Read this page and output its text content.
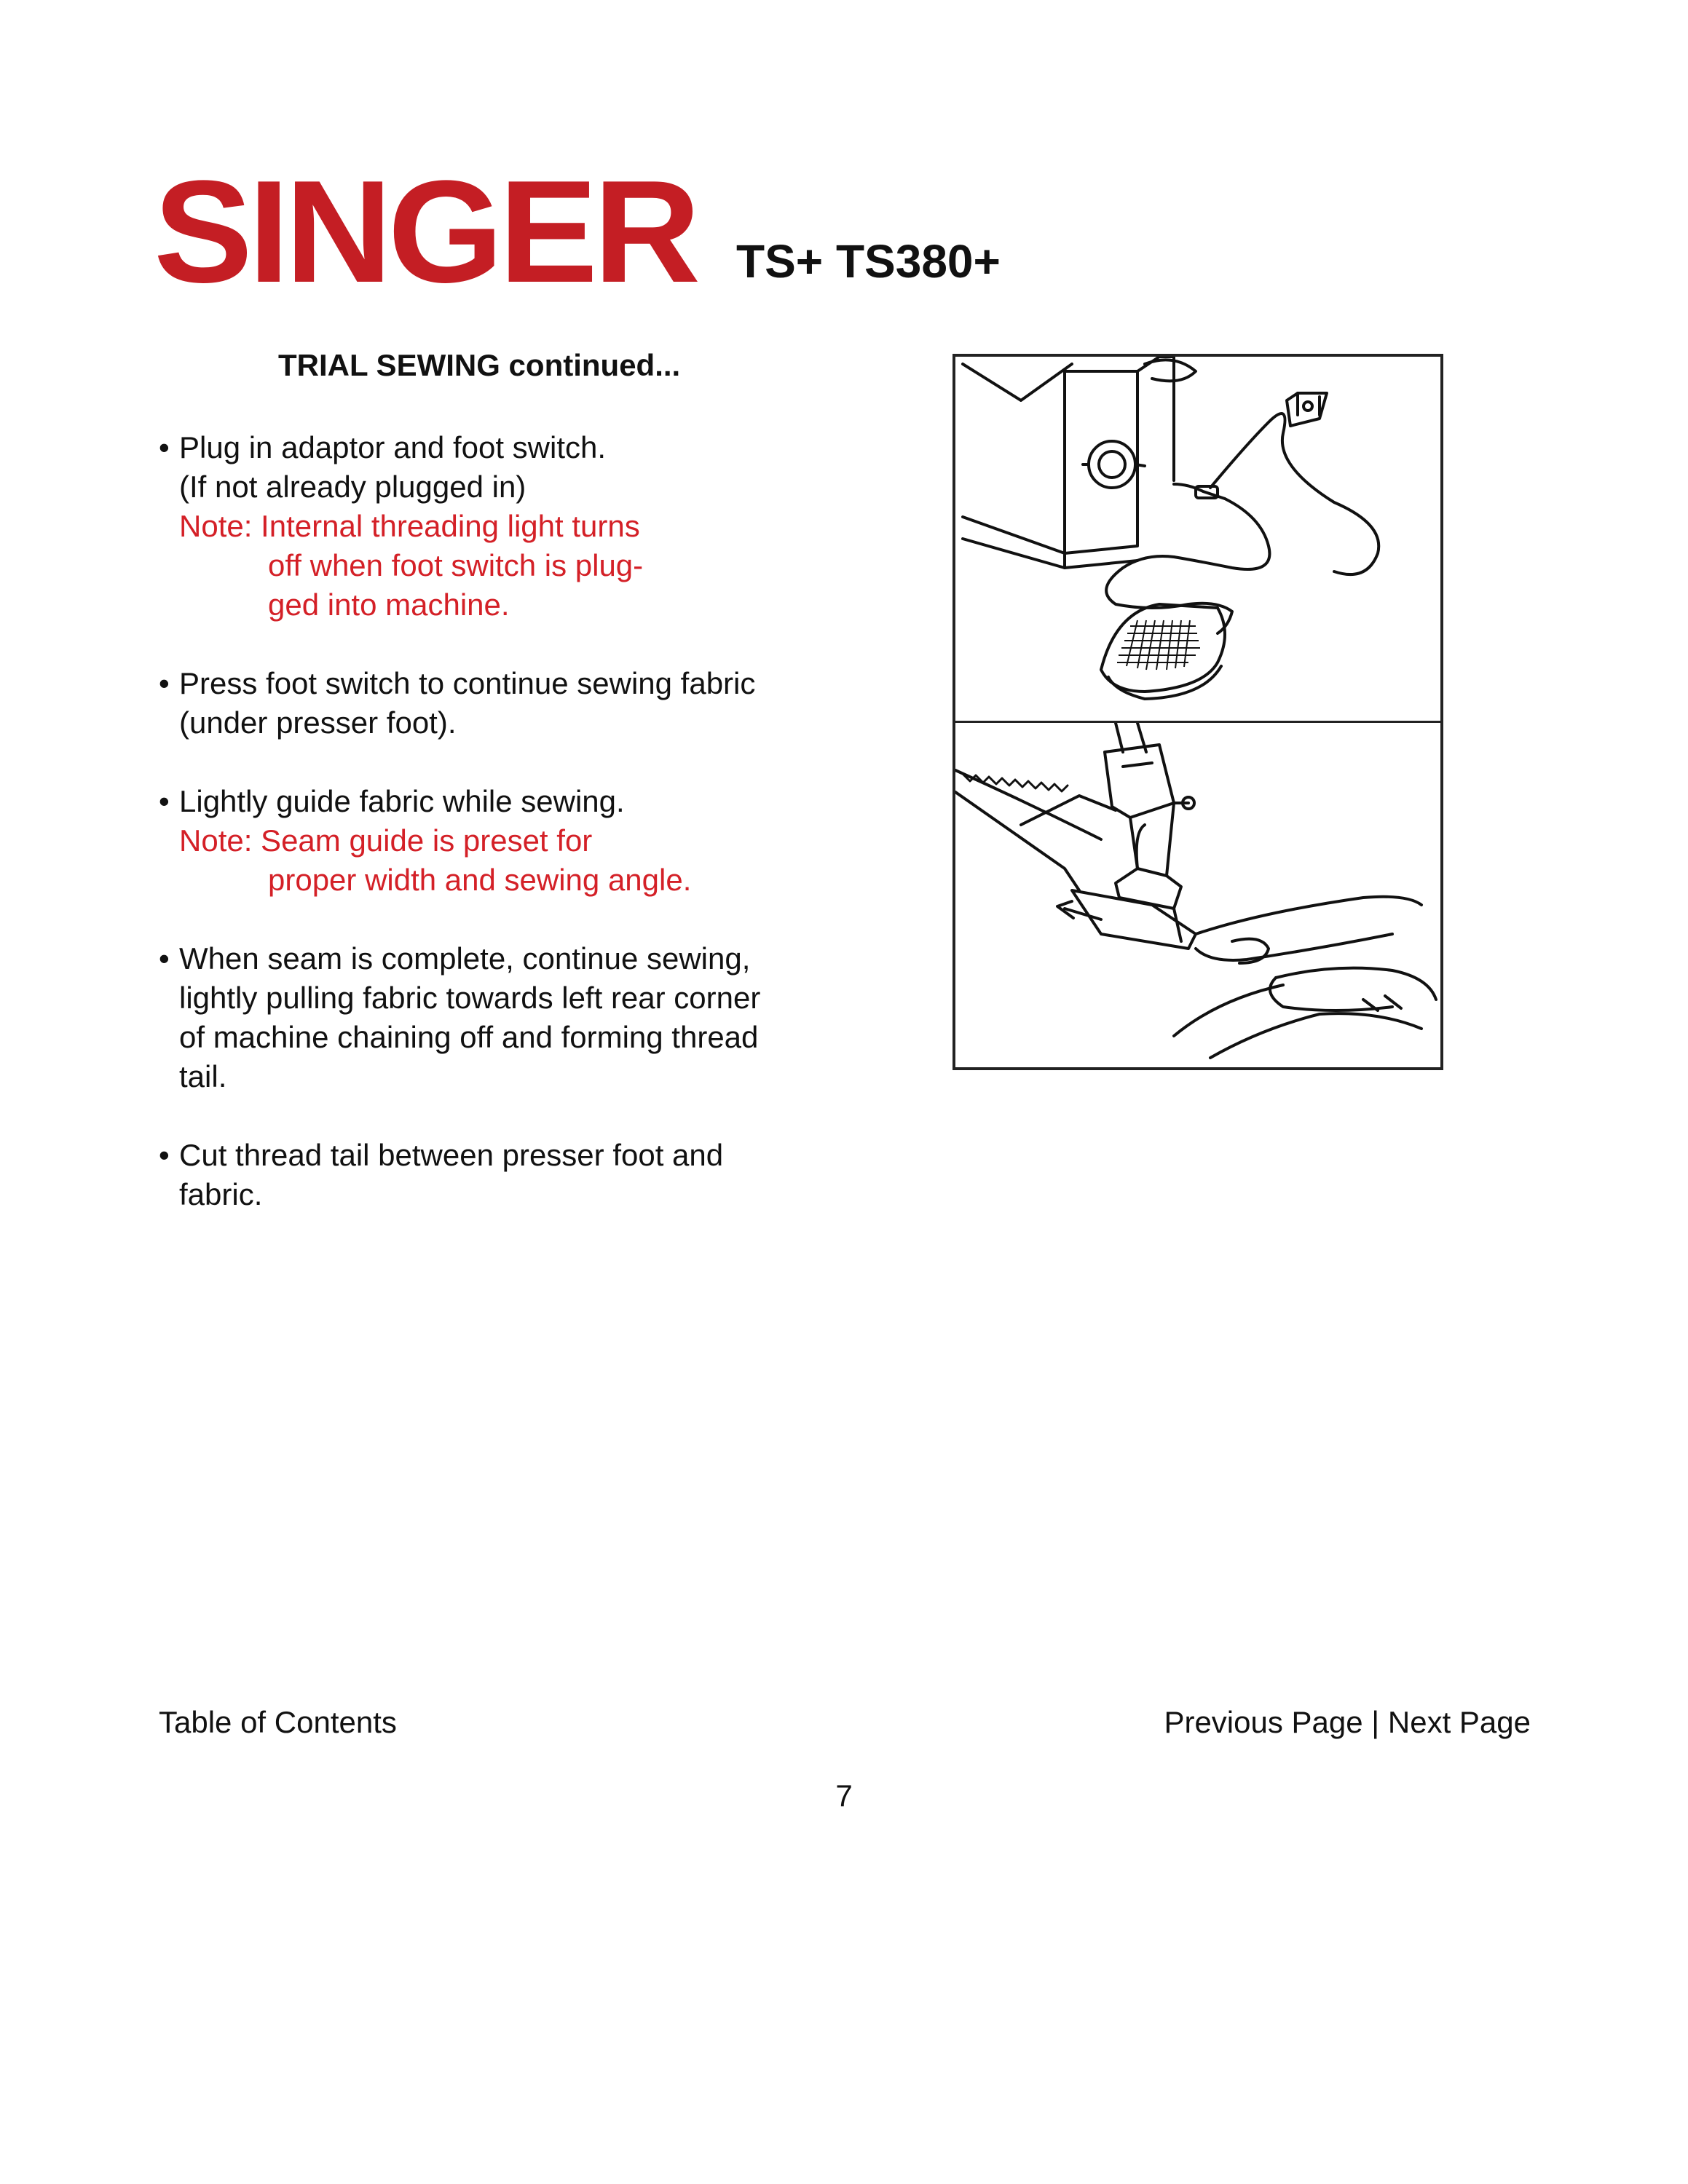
SINGER TS+ TS380+
TRIAL SEWING continued...
• Plug in adaptor and foot switch.
(If not already plugged in)
Note: Internal threading light turns
off when foot switch is plug-
ged into machine.
• Press foot switch to continue sewing fabric
(under presser foot).
• Lightly guide fabric while sewing.
Note: Seam guide is preset for
proper width and sewing angle.
• When seam is complete, continue sewing,
lightly pulling fabric towards left rear corner
of machine chaining off and forming thread
tail.
• Cut thread tail between presser foot and
fabric.
Table of Contents	Previous Page | Next Page
7
